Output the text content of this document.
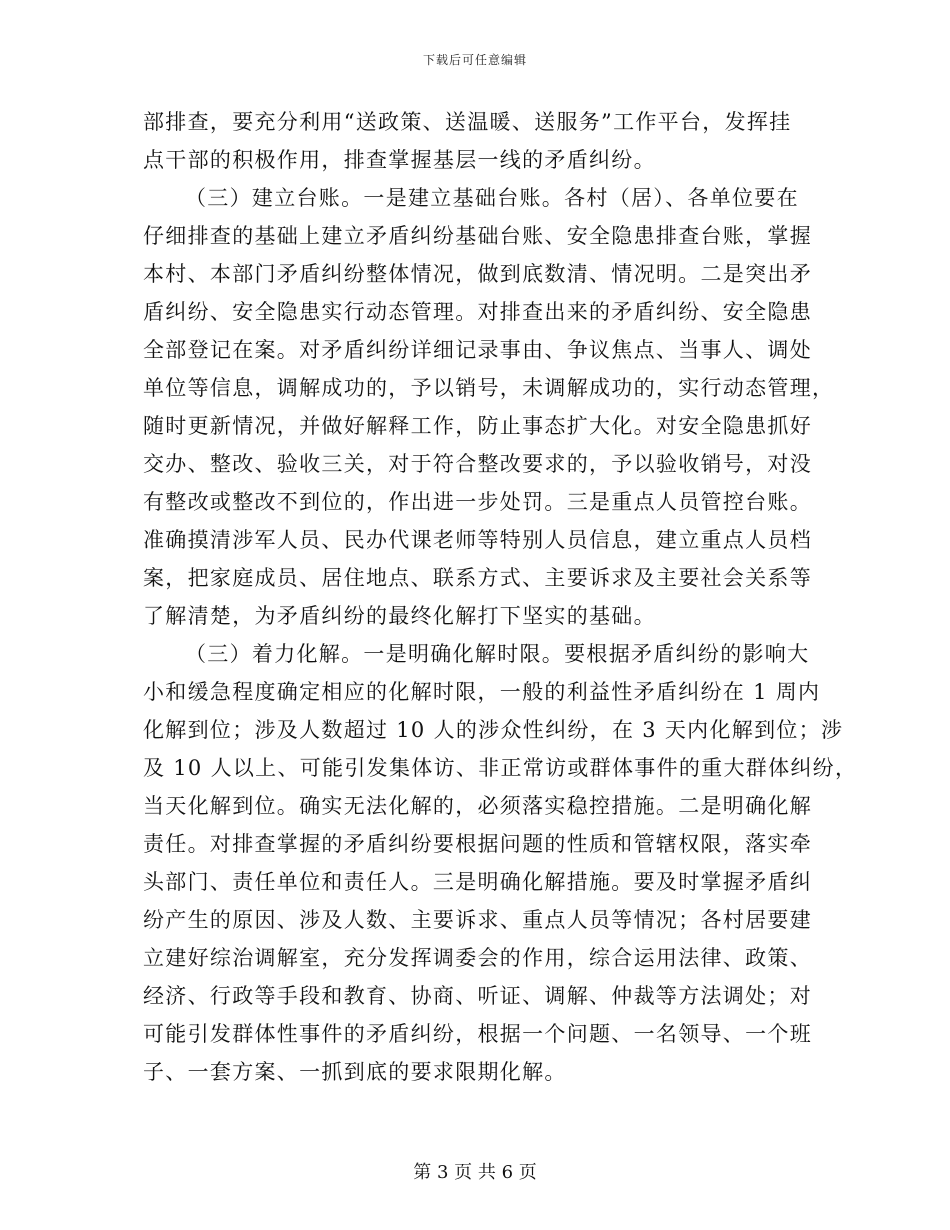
下载后可任意编辑
部排查，要充分利用“送政策、送温暖、送服务”工作平台，发挥挂
点干部的积极作用，排查掌握基层一线的矛盾纠纷。
（三）建立台账。一是建立基础台账。各村（居）、各单位要在
仔细排查的基础上建立矛盾纠纷基础台账、安全隐患排查台账，掌握
本村、本部门矛盾纠纷整体情况，做到底数清、情况明。二是突出矛
盾纠纷、安全隐患实行动态管理。对排查出来的矛盾纠纷、安全隐患
全部登记在案。对矛盾纠纷详细记录事由、争议焦点、当事人、调处
单位等信息，调解成功的，予以销号，未调解成功的，实行动态管理，
随时更新情况，并做好解释工作，防止事态扩大化。对安全隐患抓好
交办、整改、验收三关，对于符合整改要求的，予以验收销号，对没
有整改或整改不到位的，作出进一步处罚。三是重点人员管控台账。
准确摸清涉军人员、民办代课老师等特别人员信息，建立重点人员档
案，把家庭成员、居住地点、联系方式、主要诉求及主要社会关系等
了解清楚，为矛盾纠纷的最终化解打下坚实的基础。
（三）着力化解。一是明确化解时限。要根据矛盾纠纷的影响大
小和缓急程度确定相应的化解时限，一般的利益性矛盾纠纷在 1 周内
化解到位；涉及人数超过 10 人的涉众性纠纷，在 3 天内化解到位；涉
及 10 人以上、可能引发集体访、非正常访或群体事件的重大群体纠纷，
当天化解到位。确实无法化解的，必须落实稳控措施。二是明确化解
责任。对排查掌握的矛盾纠纷要根据问题的性质和管辖权限，落实牵
头部门、责任单位和责任人。三是明确化解措施。要及时掌握矛盾纠
纷产生的原因、涉及人数、主要诉求、重点人员等情况；各村居要建
立建好综治调解室，充分发挥调委会的作用，综合运用法律、政策、
经济、行政等手段和教育、协商、听证、调解、仲裁等方法调处；对
可能引发群体性事件的矛盾纠纷，根据一个问题、一名领导、一个班
子、一套方案、一抓到底的要求限期化解。
第 3 页 共 6 页
